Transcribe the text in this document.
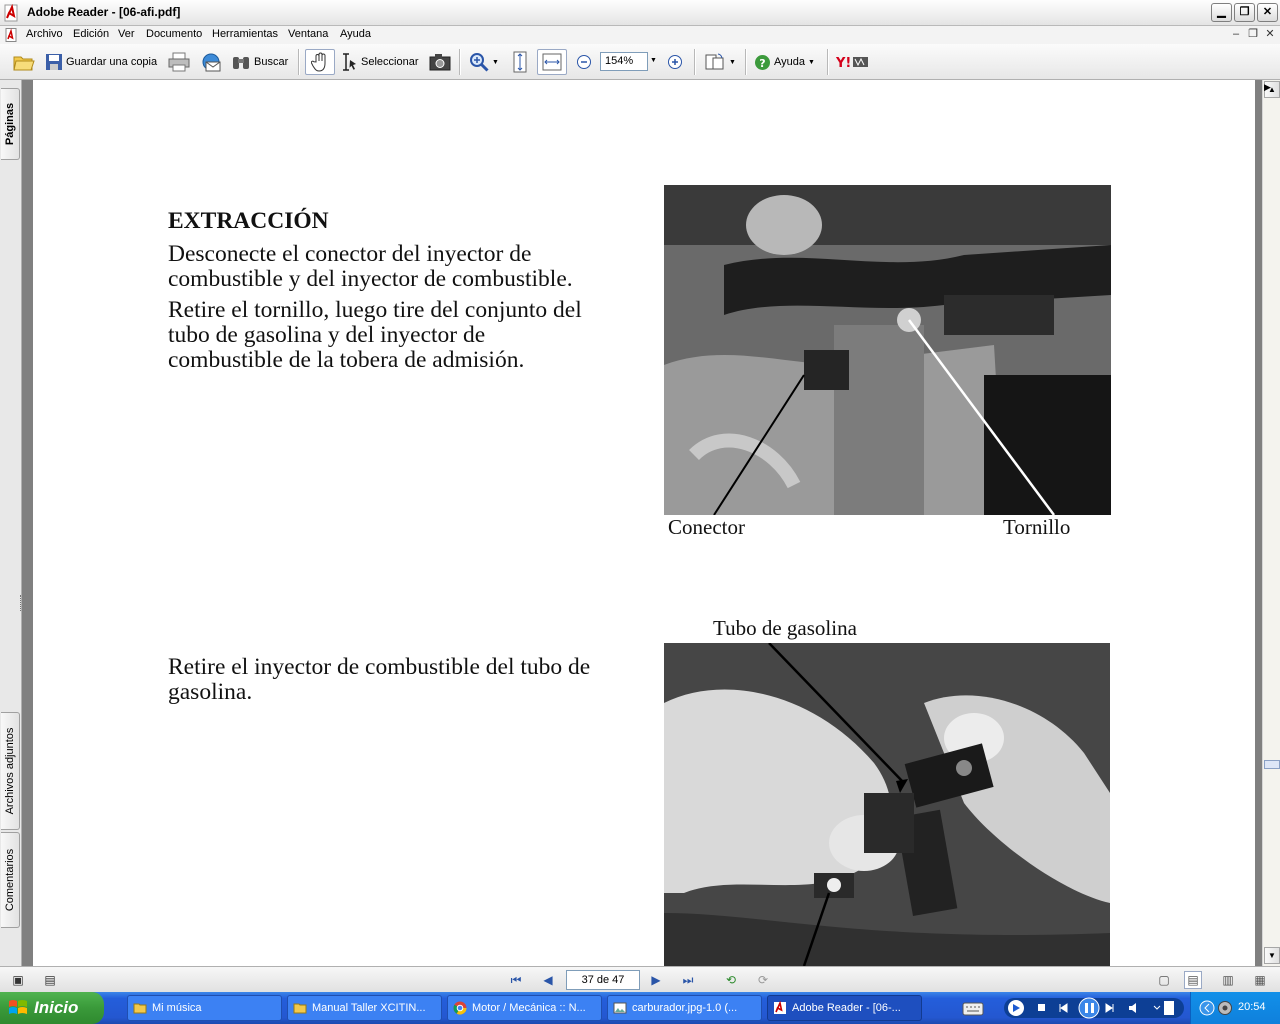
Adobe Reader - [06-afi.pdf]	▁	❐	✕
Archivo Edición Ver Documento Herramientas Ventana Ayuda	– ❐ ✕
Guardar una copia	Buscar	Seleccionar	▼	▼ ? Ayuda ▼ Y!
154%	▼
Páginas
Archivos adjuntos
Comentarios
EXTRACCIÓN
Desconecte el conector del inyector de
combustible y del inyector de combustible.
Retire el tornillo, luego tire del conjunto del
tubo de gasolina y del inyector de
combustible de la tobera de admisión.
Retire el inyector de combustible del tubo de
gasolina.
Conector	Tornillo
Tubo de gasolina
▲
▼
▶
▣ ▤	⏮	◀	37 de 47	▶	⏭	⟲	⟳	▢ ▤ ▥ ▦
Inicio	Mi música	Manual Taller XCITIN...	Motor / Mecánica :: N...	carburador.jpg-1.0 (...	Adobe Reader - [06-...	20:54
